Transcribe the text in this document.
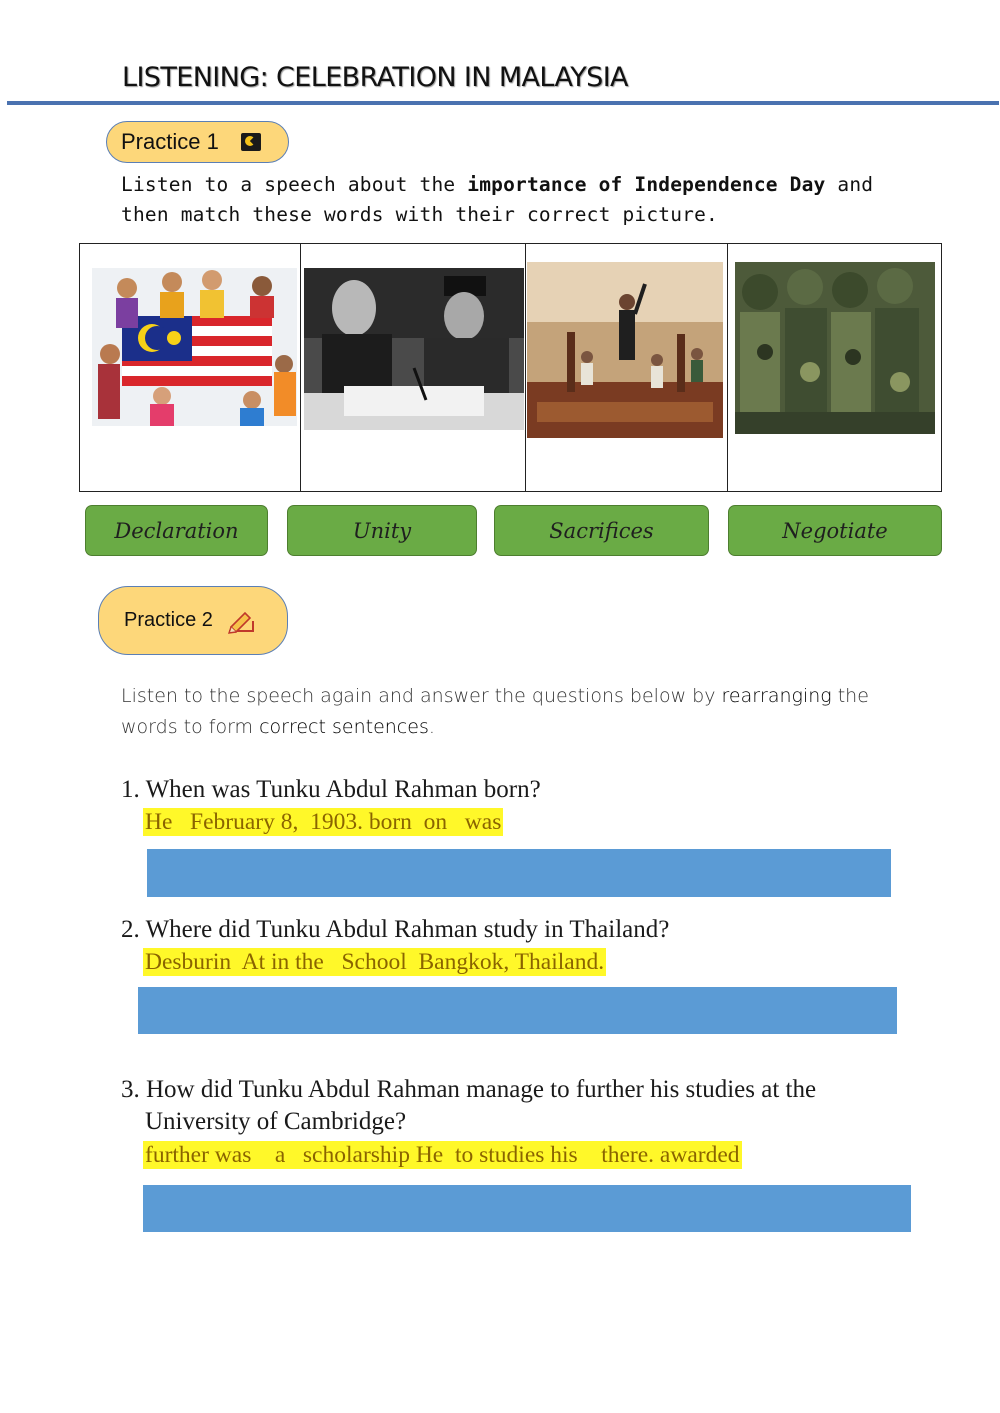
LISTENING: CELEBRATION IN MALAYSIA
Practice 1
Listen to a speech about the importance of Independence Day and then match these words with their correct picture.
Declaration	Unity	Sacrifices	Negotiate
Practice 2
Listen to the speech again and answer the questions below by rearranging the words to form correct sentences.
1. When was Tunku Abdul Rahman born?
He   February 8,  1903. born  on   was
2. Where did Tunku Abdul Rahman study in Thailand?
Desburin  At in the   School  Bangkok, Thailand.
3. How did Tunku Abdul Rahman manage to further his studies at the
University of Cambridge?
further was    a   scholarship He  to studies his    there. awarded
